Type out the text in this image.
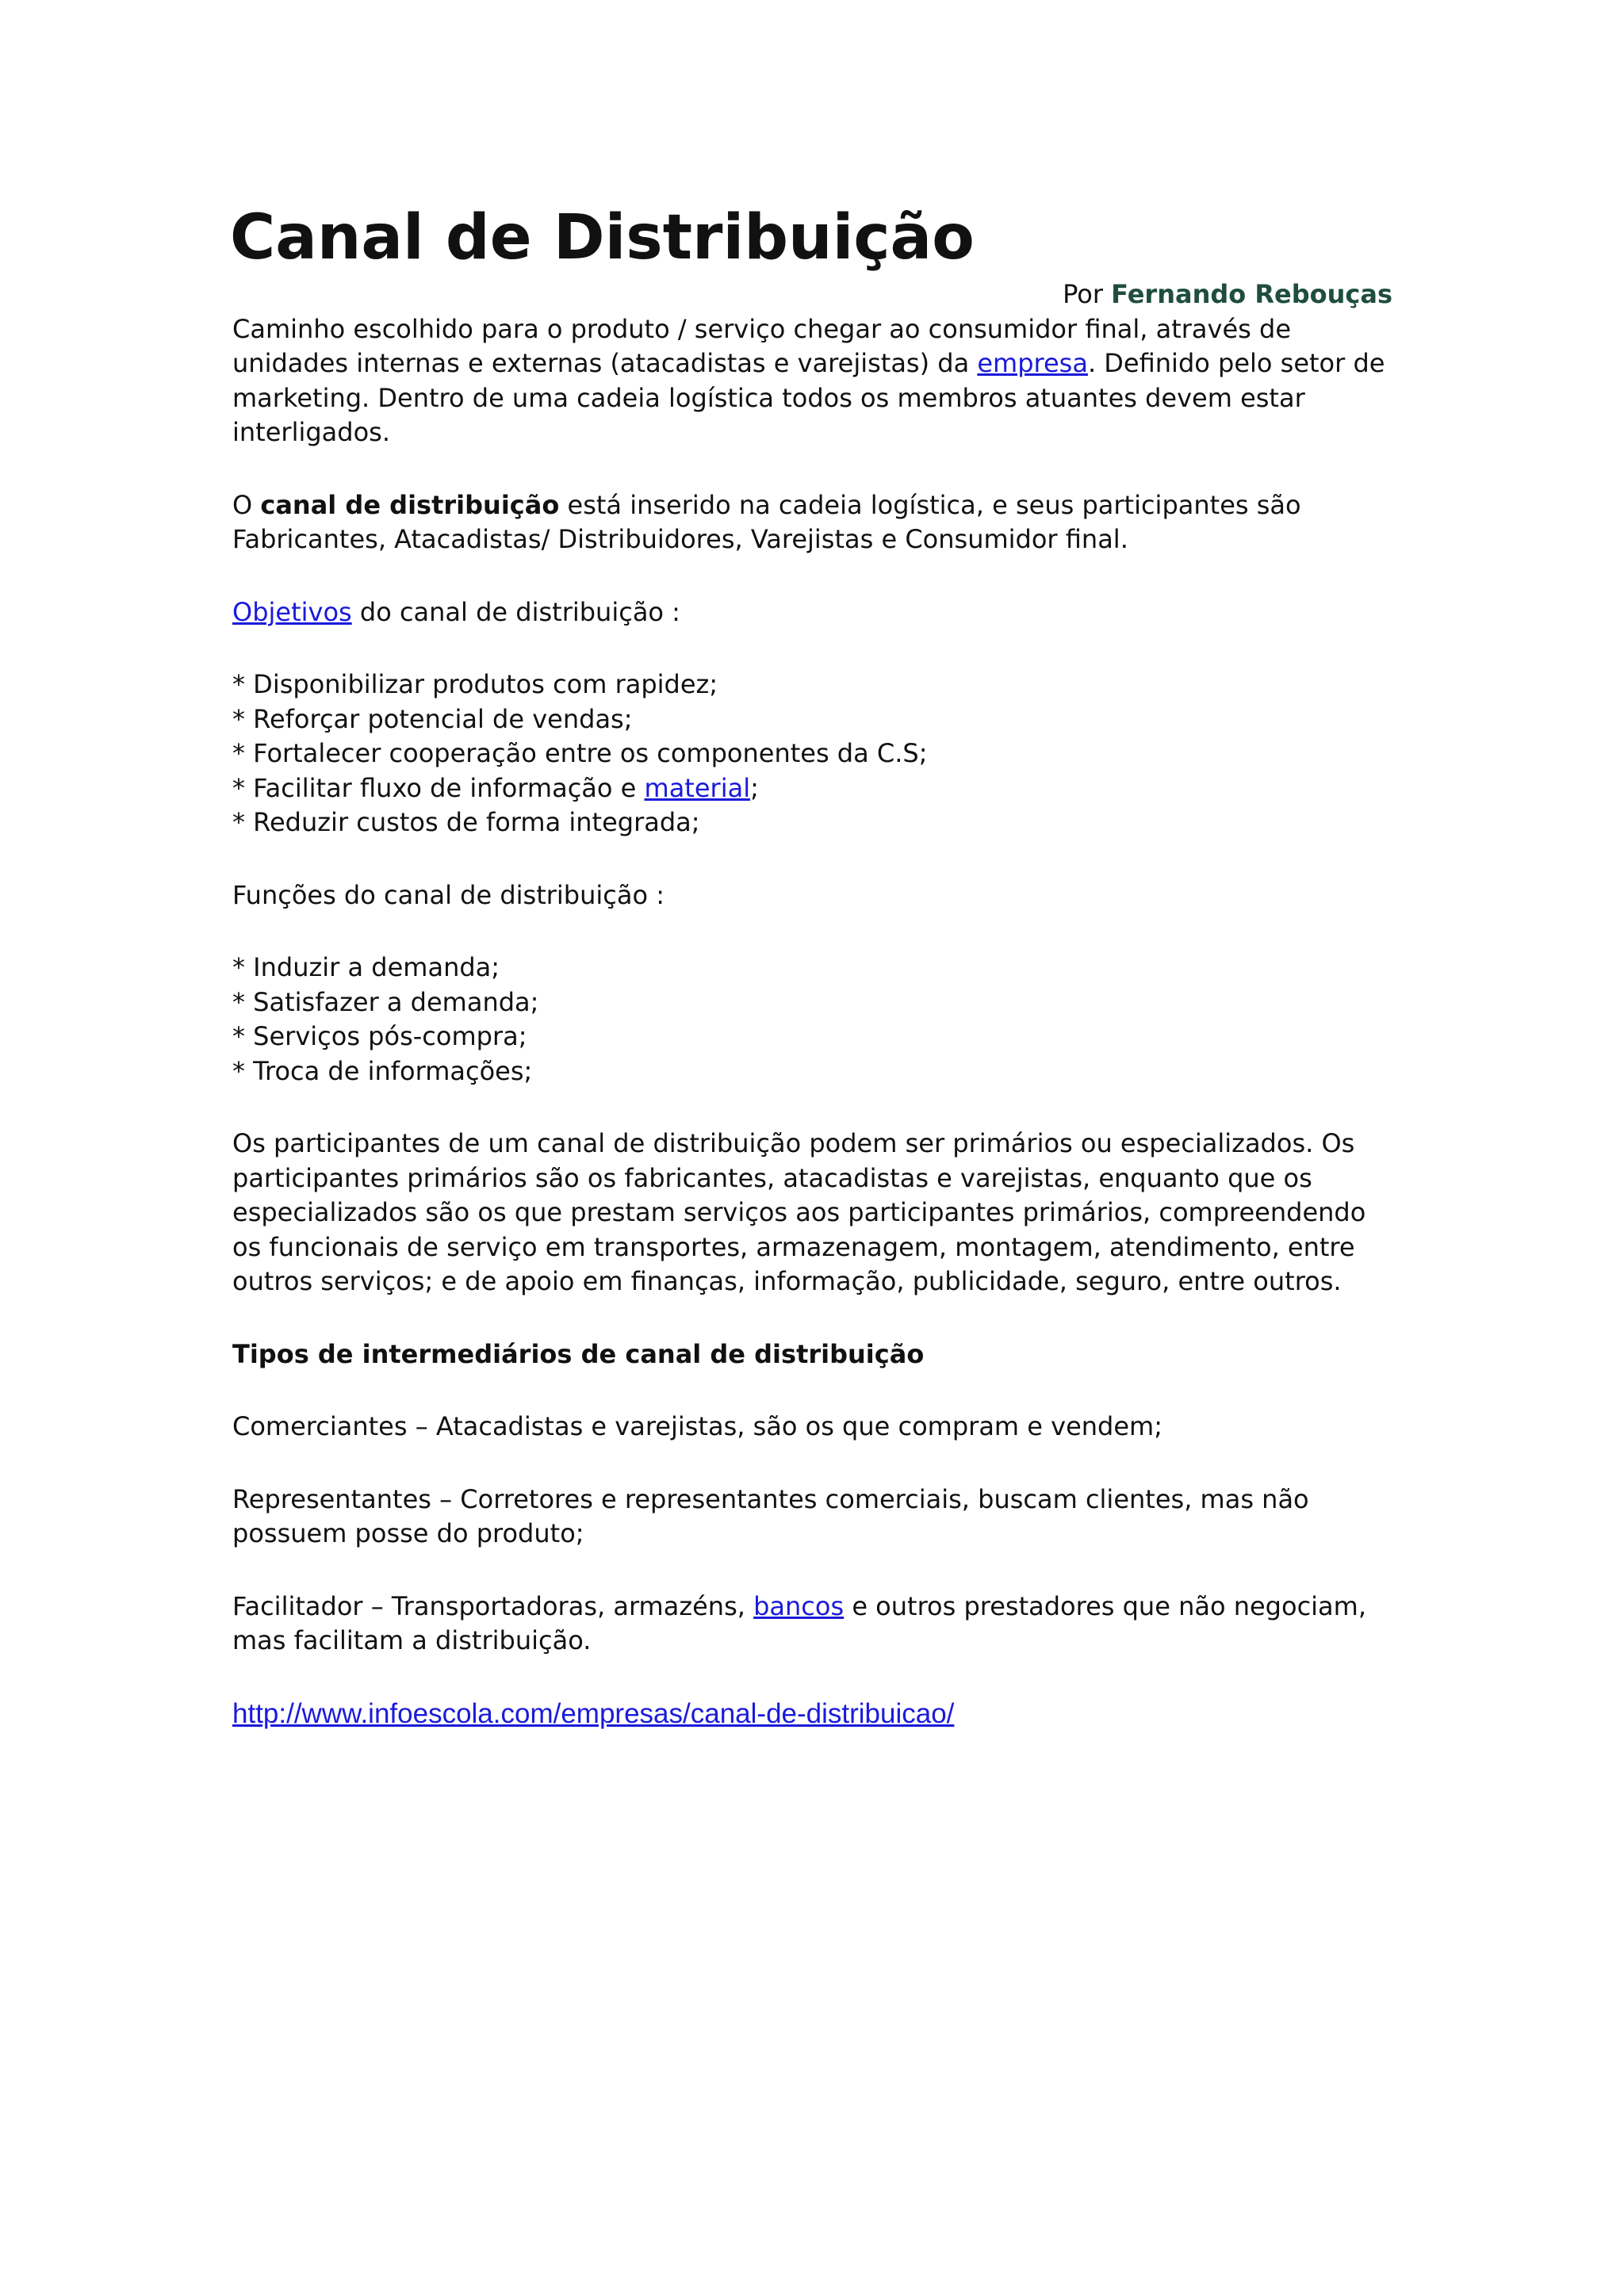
Canal de Distribuição

Por Fernando Rebouças

Caminho escolhido para o produto / serviço chegar ao consumidor final, através de unidades internas e externas (atacadistas e varejistas) da empresa. Definido pelo setor de marketing. Dentro de uma cadeia logística todos os membros atuantes devem estar interligados.

O canal de distribuição está inserido na cadeia logística, e seus participantes são Fabricantes, Atacadistas/ Distribuidores, Varejistas e Consumidor final.

Objetivos do canal de distribuição :

* Disponibilizar produtos com rapidez;
* Reforçar potencial de vendas;
* Fortalecer cooperação entre os componentes da C.S;
* Facilitar fluxo de informação e material;
* Reduzir custos de forma integrada;

Funções do canal de distribuição :

* Induzir a demanda;
* Satisfazer a demanda;
* Serviços pós-compra;
* Troca de informações;

Os participantes de um canal de distribuição podem ser primários ou especializados. Os participantes primários são os fabricantes, atacadistas e varejistas, enquanto que os especializados são os que prestam serviços aos participantes primários, compreendendo os funcionais de serviço em transportes, armazenagem, montagem, atendimento, entre outros serviços; e de apoio em finanças, informação, publicidade, seguro, entre outros.

Tipos de intermediários de canal de distribuição

Comerciantes – Atacadistas e varejistas, são os que compram e vendem;

Representantes – Corretores e representantes comerciais, buscam clientes, mas não possuem posse do produto;

Facilitador – Transportadoras, armazéns, bancos e outros prestadores que não negociam, mas facilitam a distribuição.

http://www.infoescola.com/empresas/canal-de-distribuicao/
